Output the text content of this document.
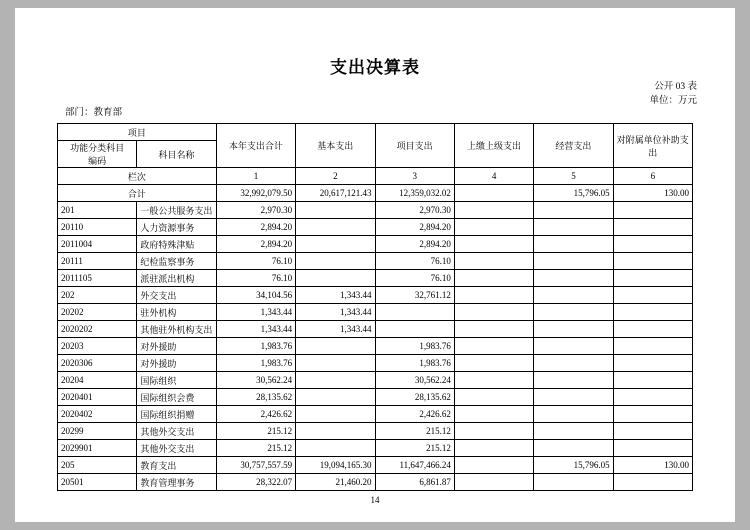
支出决算表
公开 03 表
单位：万元
部门：教育部
项目		本年支出合计	基本支出	项目支出	上缴上级支出	经营支出	对附属单位补助支出
功能分类科目
编码	科目名称						
栏次		1	2	3	4	5	6
合计		32,992,079.50	20,617,121.43	12,359,032.02		15,796.05	130.00
201	一般公共服务支出	2,970.30		2,970.30			
20110	人力资源事务	2,894.20		2,894.20			
2011004	政府特殊津贴	2,894.20		2,894.20			
20111	纪检监察事务	76.10		76.10			
2011105	派驻派出机构	76.10		76.10			
202	外交支出	34,104.56	1,343.44	32,761.12			
20202	驻外机构	1,343.44	1,343.44				
2020202	其他驻外机构支出	1,343.44	1,343.44				
20203	对外援助	1,983.76		1,983.76			
2020306	对外援助	1,983.76		1,983.76			
20204	国际组织	30,562.24		30,562.24			
2020401	国际组织会费	28,135.62		28,135.62			
2020402	国际组织捐赠	2,426.62		2,426.62			
20299	其他外交支出	215.12		215.12			
2029901	其他外交支出	215.12		215.12			
205	教育支出	30,757,557.59	19,094,165.30	11,647,466.24		15,796.05	130.00
20501	教育管理事务	28,322.07	21,460.20	6,861.87			
14
